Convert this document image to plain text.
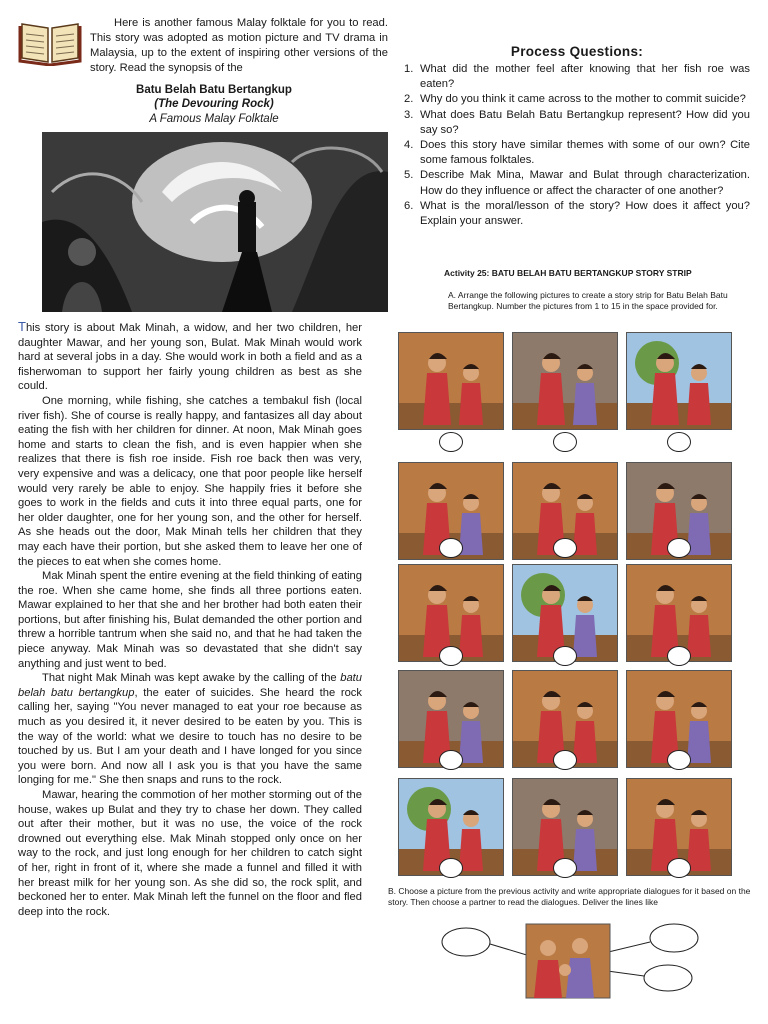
Here is another famous Malay folktale for you to read. This story was adopted as motion picture and TV drama in Malaysia, up to the extent of inspiring other versions of the story. Read the synopsis of the
Batu Belah Batu Bertangkup
(The Devouring Rock)
A Famous Malay Folktale

This story is about Mak Minah, a widow, and her two children, her daughter Mawar, and her young son, Bulat. Mak Minah would work hard at several jobs in a day. She would work in both a field and as a fisherwoman to support her fairly young children as best as she could.

One morning, while fishing, she catches a tembakul fish (local river fish). She of course is really happy, and fantasizes all day about eating the fish with her children for dinner. At noon, Mak Minah goes home and starts to clean the fish, and is even happier when she realizes that there is fish roe inside. Fish roe back then was very, very expensive and was a delicacy, one that poor people like herself would very rarely be able to enjoy. She happily fries it before she goes to work in the fields and cuts it into three equal parts, one for her older daughter, one for her young son, and the other for herself. As she heads out the door, Mak Minah tells her children that they may each have their portion, but she asked them to leave her one of the pieces to eat when she comes home.

Mak Minah spent the entire evening at the field thinking of eating the roe. When she came home, she finds all three portions eaten. Mawar explained to her that she and her brother had both eaten their portions, but after finishing his, Bulat demanded the other portion and threw a horrible tantrum when she said no, and that he had taken the piece anyway. Mak Minah was so devastated that she didn't say anything and just went to bed.

That night Mak Minah was kept awake by the calling of the batu belah batu bertangkup, the eater of suicides. She heard the rock calling her, saying "You never managed to eat your roe because as much as you desired it, it never desired to be eaten by you. This is the way of the world: what we desire to touch has no desire to be touched by us. But I am your death and I have longed for you since you were born. And now all I ask you is that you have the same longing for me." She then snaps and runs to the rock.

Mawar, hearing the commotion of her mother storming out of the house, wakes up Bulat and they try to chase her down. They called out after their mother, but it was no use, the voice of the rock drowned out everything else. Mak Minah stopped only once on her way to the rock, and just long enough for her children to catch sight of her, right in front of it, where she made a funnel and filled it with her breast milk for her young son. As she did so, the rock split, and beckoned her to enter. Mak Minah left the funnel on the floor and fled deep into the rock.

Process Questions:
1. What did the mother feel after knowing that her fish roe was eaten?
2. Why do you think it came across to the mother to commit suicide?
3. What does Batu Belah Batu Bertangkup represent? How did you say so?
4. Does this story have similar themes with some of our own? Cite some famous folktales.
5. Describe Mak Mina, Mawar and Bulat through characterization. How do they influence or affect the character of one another?
6. What is the moral/lesson of the story? How does it affect you? Explain your answer.
Activity 25: BATU BELAH BATU BERTANGKUP STORY STRIP
A. Arrange the following pictures to create a story strip for Batu Belah Batu Bertangkup. Number the pictures from 1 to 15 in the space provided for.
B. Choose a picture from the previous activity and write appropriate dialogues for it based on the story. Then choose a partner to read the dialogues. Deliver the lines like
